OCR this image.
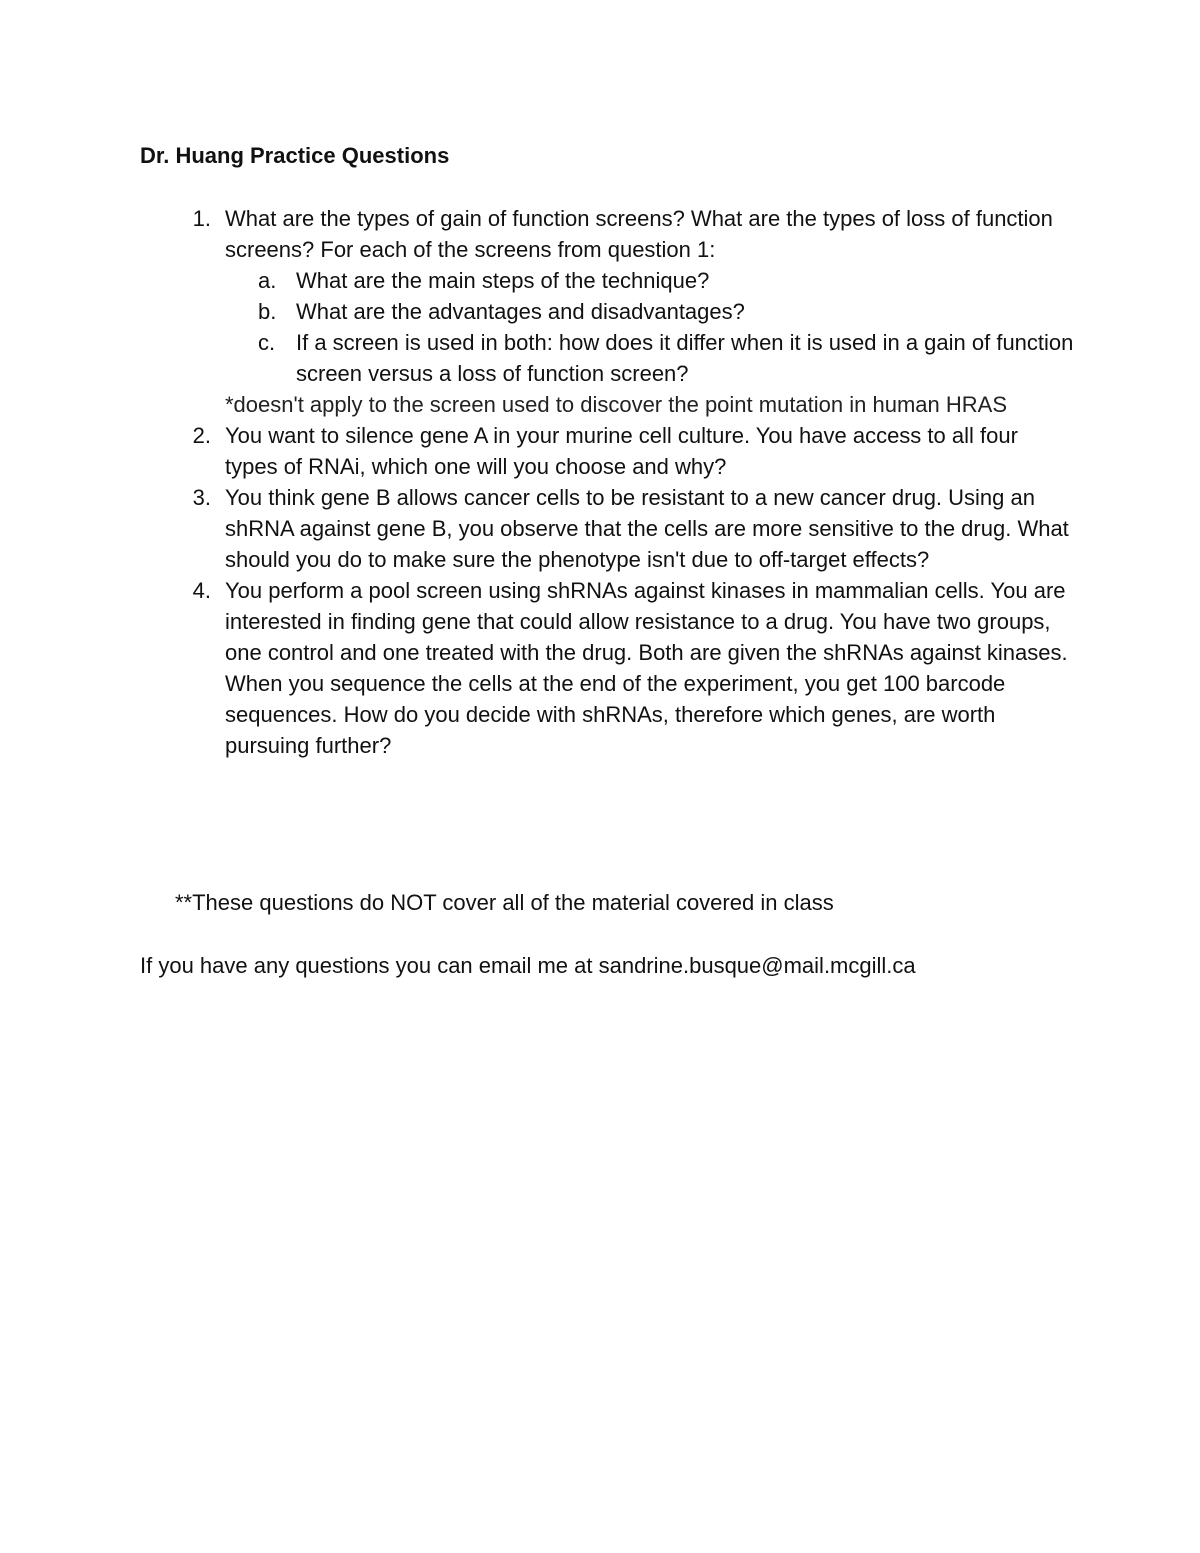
Dr. Huang Practice Questions
1. What are the types of gain of function screens? What are the types of loss of function screens? For each of the screens from question 1:
a. What are the main steps of the technique?
b. What are the advantages and disadvantages?
c. If a screen is used in both: how does it differ when it is used in a gain of function screen versus a loss of function screen?
*doesn't apply to the screen used to discover the point mutation in human HRAS
2. You want to silence gene A in your murine cell culture. You have access to all four types of RNAi, which one will you choose and why?
3. You think gene B allows cancer cells to be resistant to a new cancer drug. Using an shRNA against gene B, you observe that the cells are more sensitive to the drug. What should you do to make sure the phenotype isn't due to off-target effects?
4. You perform a pool screen using shRNAs against kinases in mammalian cells. You are interested in finding gene that could allow resistance to a drug. You have two groups, one control and one treated with the drug. Both are given the shRNAs against kinases. When you sequence the cells at the end of the experiment, you get 100 barcode sequences. How do you decide with shRNAs, therefore which genes, are worth pursuing further?
**These questions do NOT cover all of the material covered in class
If you have any questions you can email me at sandrine.busque@mail.mcgill.ca
